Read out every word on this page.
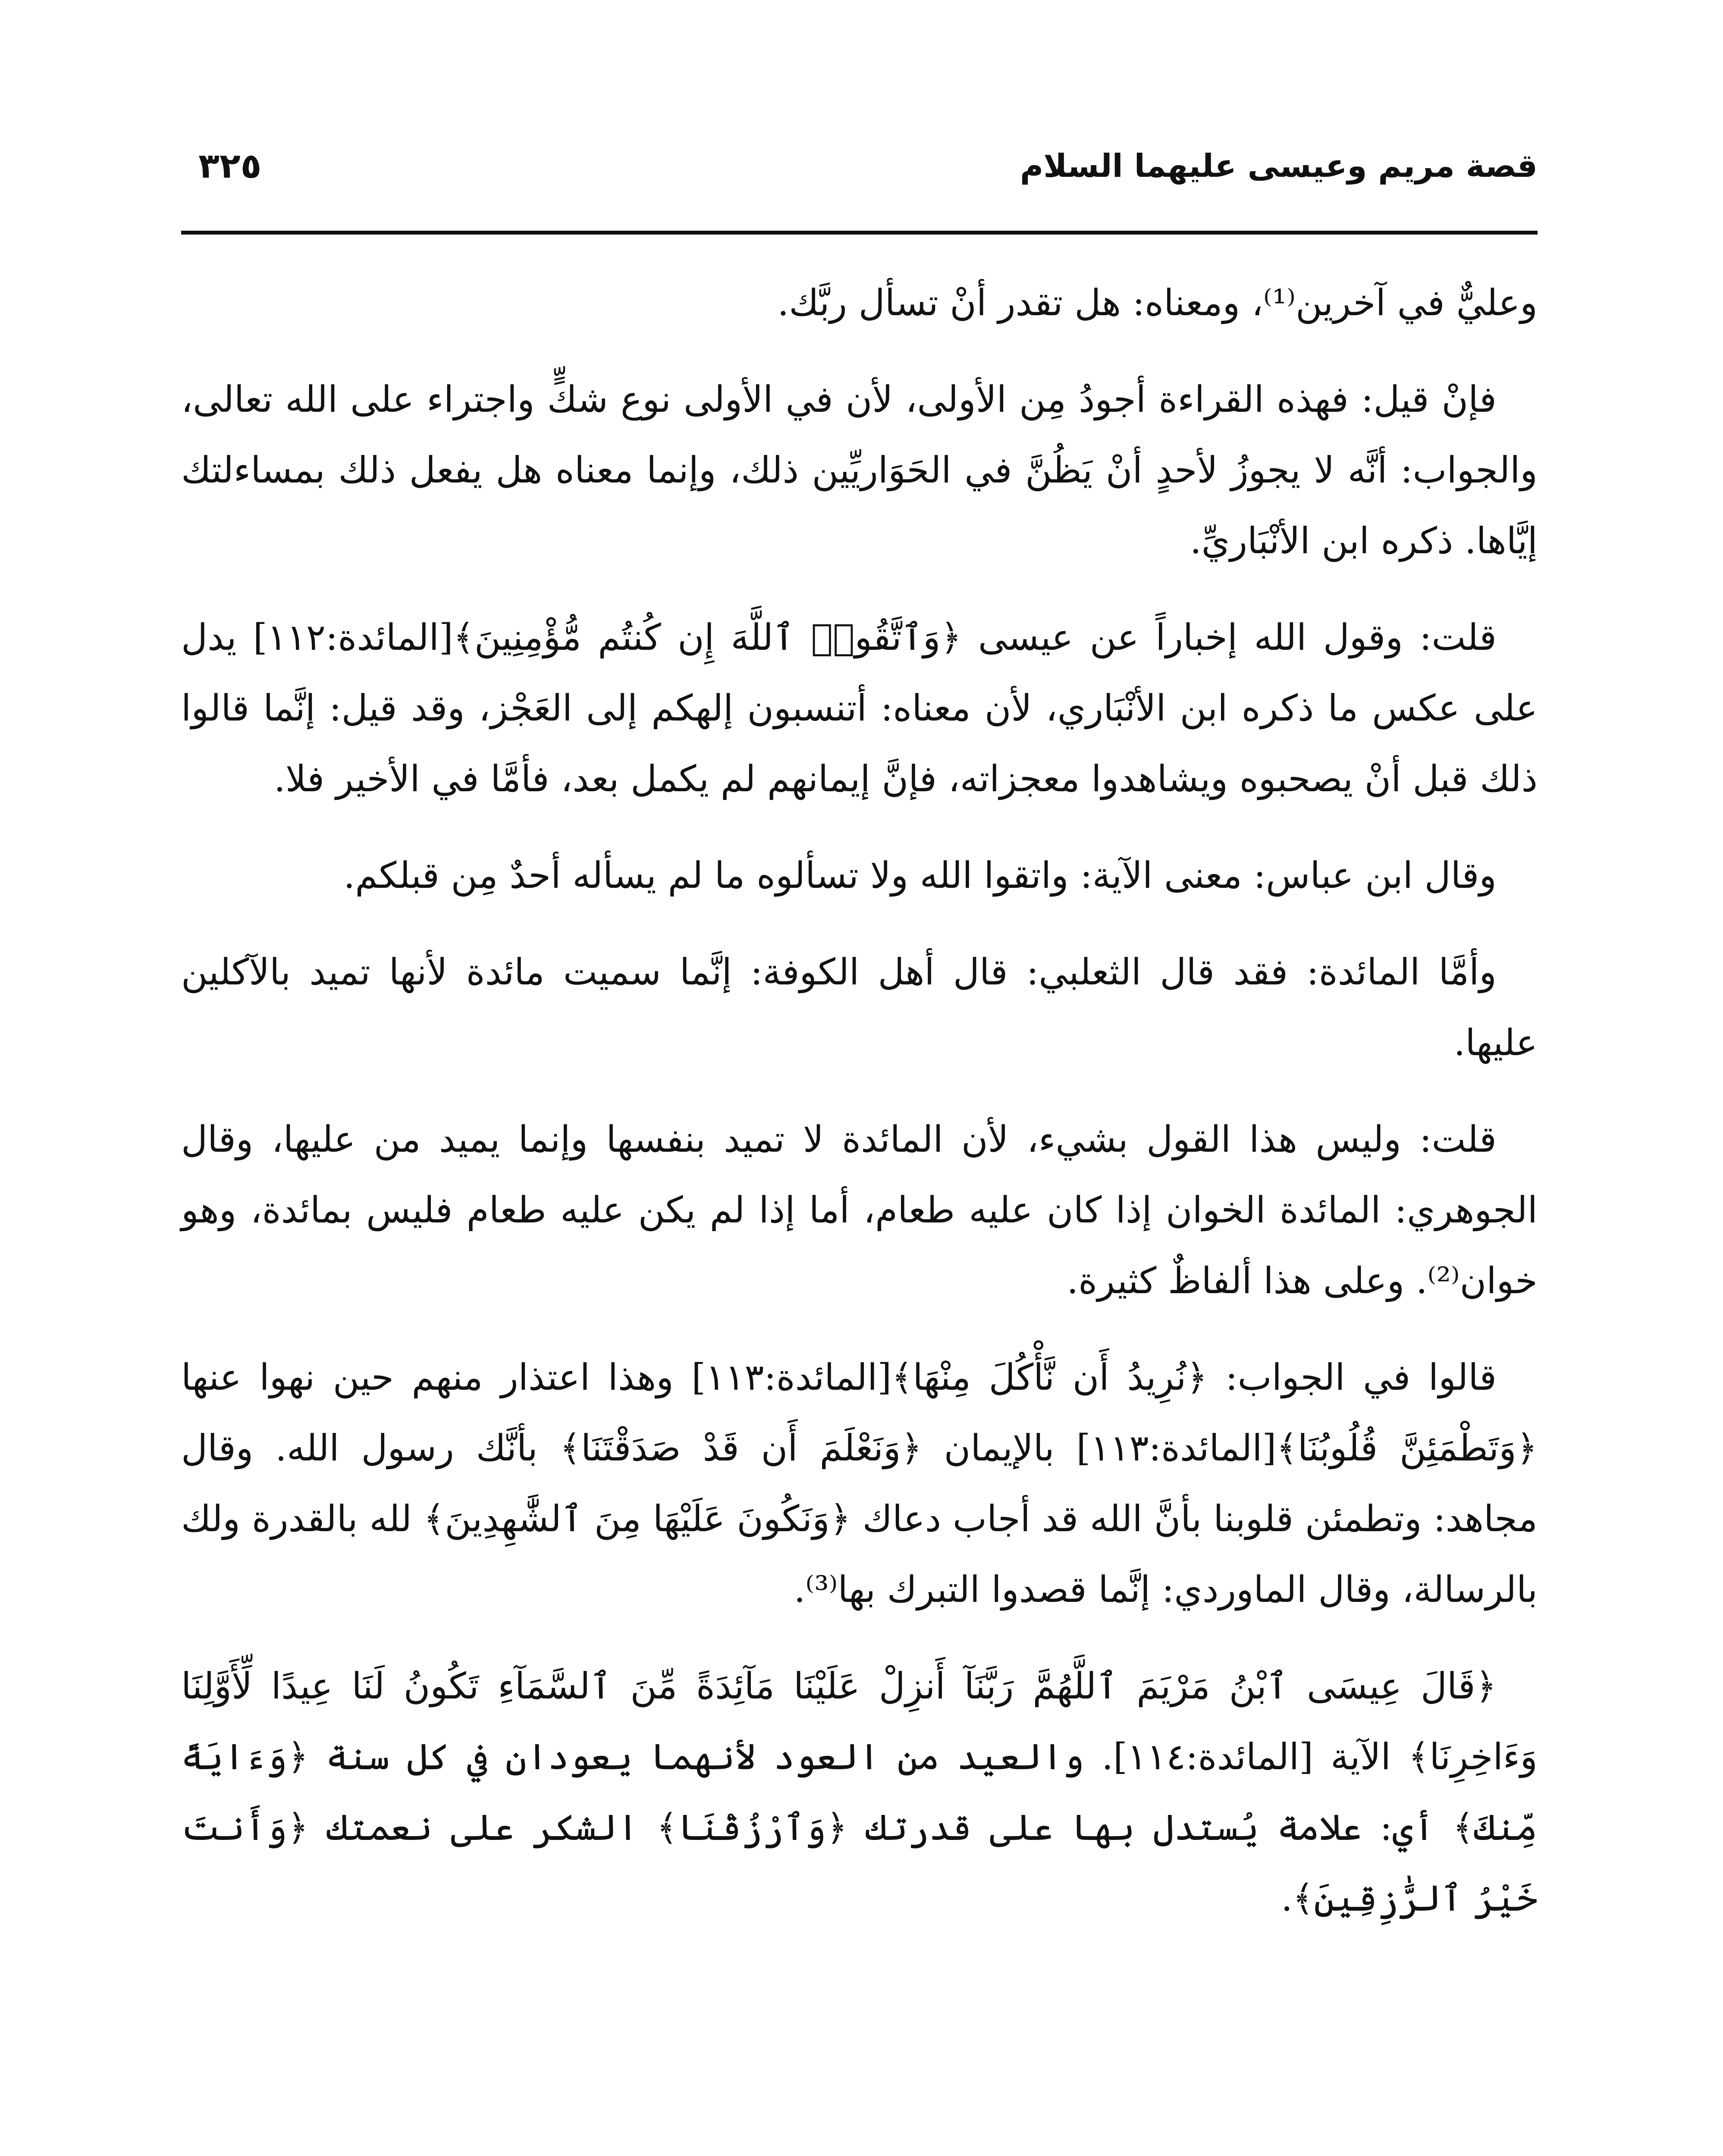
قصة مريم وعيسى عليهما السلام
٣٢٥

وعليٌّ في آخرين⁽¹⁾، ومعناه: هل تقدر أنْ تسأل ربَّك.

فإنْ قيل: فهذه القراءة أجودُ مِن الأولى، لأن في الأولى نوع شكٍّ واجتراء على الله تعالى، والجواب: أنَّه لا يجوزُ لأحدٍ أنْ يَظُنَّ في الحَوَاريِّين ذلك، وإنما معناه هل يفعل ذلك بمساءلتك إيَّاها. ذكره ابن الأنْبَاريِّ.

قلت: وقول الله إخباراً عن عيسى ﴿وَٱتَّقُوا۟ ٱللَّهَ إِن كُنتُم مُّؤْمِنِينَ﴾[المائدة:١١٢] يدل على عكس ما ذكره ابن الأنْبَاري، لأن معناه: أتنسبون إلهكم إلى العَجْز، وقد قيل: إنَّما قالوا ذلك قبل أنْ يصحبوه ويشاهدوا معجزاته، فإنَّ إيمانهم لم يكمل بعد، فأمَّا في الأخير فلا.

وقال ابن عباس: معنى الآية: واتقوا الله ولا تسألوه ما لم يسأله أحدٌ مِن قبلكم.

وأمَّا المائدة: فقد قال الثعلبي: قال أهل الكوفة: إنَّما سميت مائدة لأنها تميد بالآكلين عليها.

قلت: وليس هذا القول بشيء، لأن المائدة لا تميد بنفسها وإنما يميد من عليها، وقال الجوهري: المائدة الخوان إذا كان عليه طعام، أما إذا لم يكن عليه طعام فليس بمائدة، وهو خوان⁽²⁾. وعلى هذا ألفاظٌ كثيرة.

قالوا في الجواب: ﴿نُرِيدُ أَن نَّأْكُلَ مِنْهَا﴾[المائدة:١١٣] وهذا اعتذار منهم حين نهوا عنها ﴿وَتَطْمَئِنَّ قُلُوبُنَا﴾[المائدة:١١٣] بالإيمان ﴿وَنَعْلَمَ أَن قَدْ صَدَقْتَنَا﴾ بأنَّك رسول الله. وقال مجاهد: وتطمئن قلوبنا بأنَّ الله قد أجاب دعاك ﴿وَنَكُونَ عَلَيْهَا مِنَ ٱلشَّٰهِدِينَ﴾ لله بالقدرة ولك بالرسالة، وقال الماوردي: إنَّما قصدوا التبرك بها⁽³⁾.

﴿قَالَ عِيسَى ٱبْنُ مَرْيَمَ ٱللَّهُمَّ رَبَّنَآ أَنزِلْ عَلَيْنَا مَآئِدَةً مِّنَ ٱلسَّمَآءِ تَكُونُ لَنَا عِيدًا لِّأَوَّلِنَا وَءَاخِرِنَا﴾ الآية [المائدة:١١٤]. والعيد من العود لأنهما يعودان في كل سنة ﴿وَءَايَةً مِّنكَ﴾ أي: علامة يُستدل بها على قدرتك ﴿وَٱرْزُقْنَا﴾ الشكر على نعمتك ﴿وَأَنتَ خَيْرُ ٱلرَّٰزِقِينَ﴾.
